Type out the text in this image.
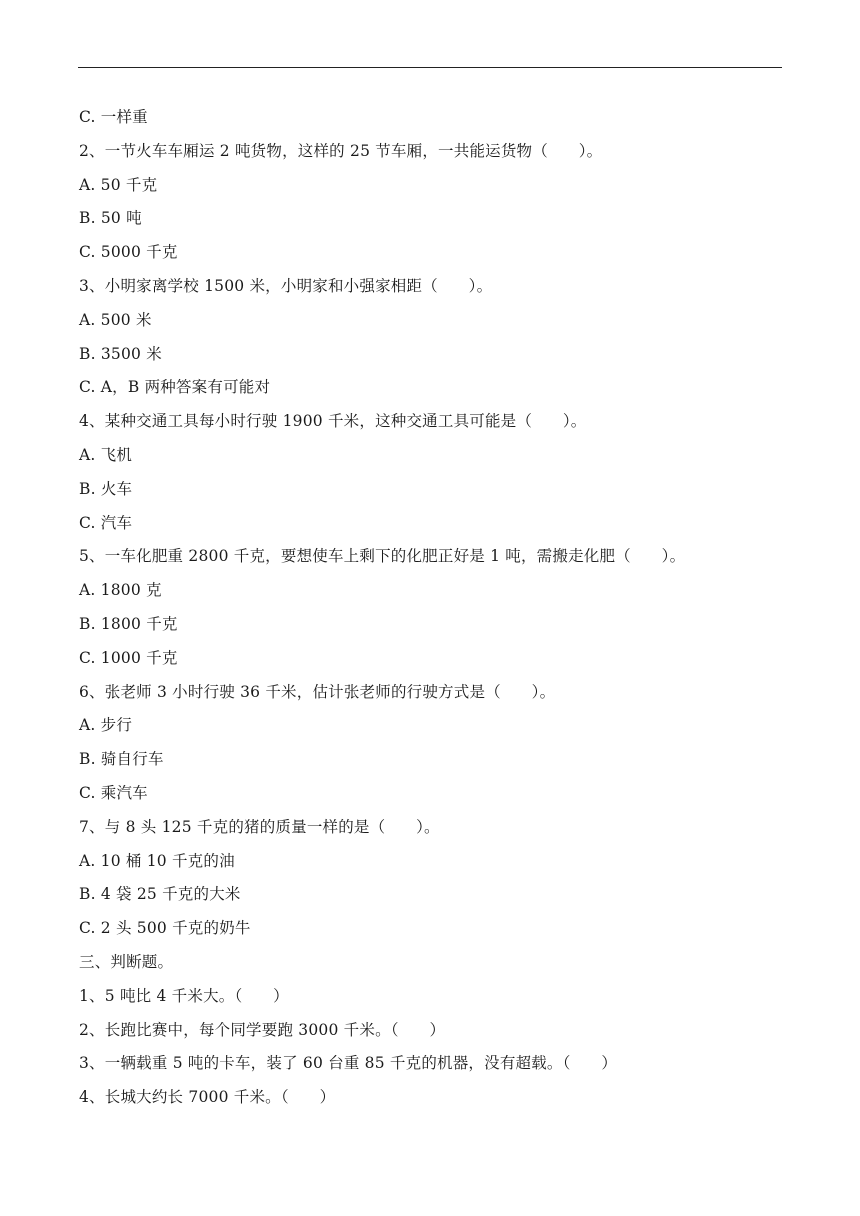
C. 一样重
2、一节火车车厢运 2 吨货物，这样的 25 节车厢，一共能运货物（      ）。
A. 50 千克
B. 50 吨
C. 5000 千克
3、小明家离学校 1500 米，小明家和小强家相距（      ）。
A. 500 米
B. 3500 米
C. A，B 两种答案有可能对
4、某种交通工具每小时行驶 1900 千米，这种交通工具可能是（      ）。
A. 飞机
B. 火车
C. 汽车
5、一车化肥重 2800 千克，要想使车上剩下的化肥正好是 1 吨，需搬走化肥（      ）。
A. 1800 克
B. 1800 千克
C. 1000 千克
6、张老师 3 小时行驶 36 千米，估计张老师的行驶方式是（      ）。
A. 步行
B. 骑自行车
C. 乘汽车
7、与 8 头 125 千克的猪的质量一样的是（      ）。
A. 10 桶 10 千克的油
B. 4 袋 25 千克的大米
C. 2 头 500 千克的奶牛
三、判断题。
1、5 吨比 4 千米大。（      ）
2、长跑比赛中，每个同学要跑 3000 千米。（      ）
3、一辆载重 5 吨的卡车，装了 60 台重 85 千克的机器，没有超载。（      ）
4、长城大约长 7000 千米。（      ）
